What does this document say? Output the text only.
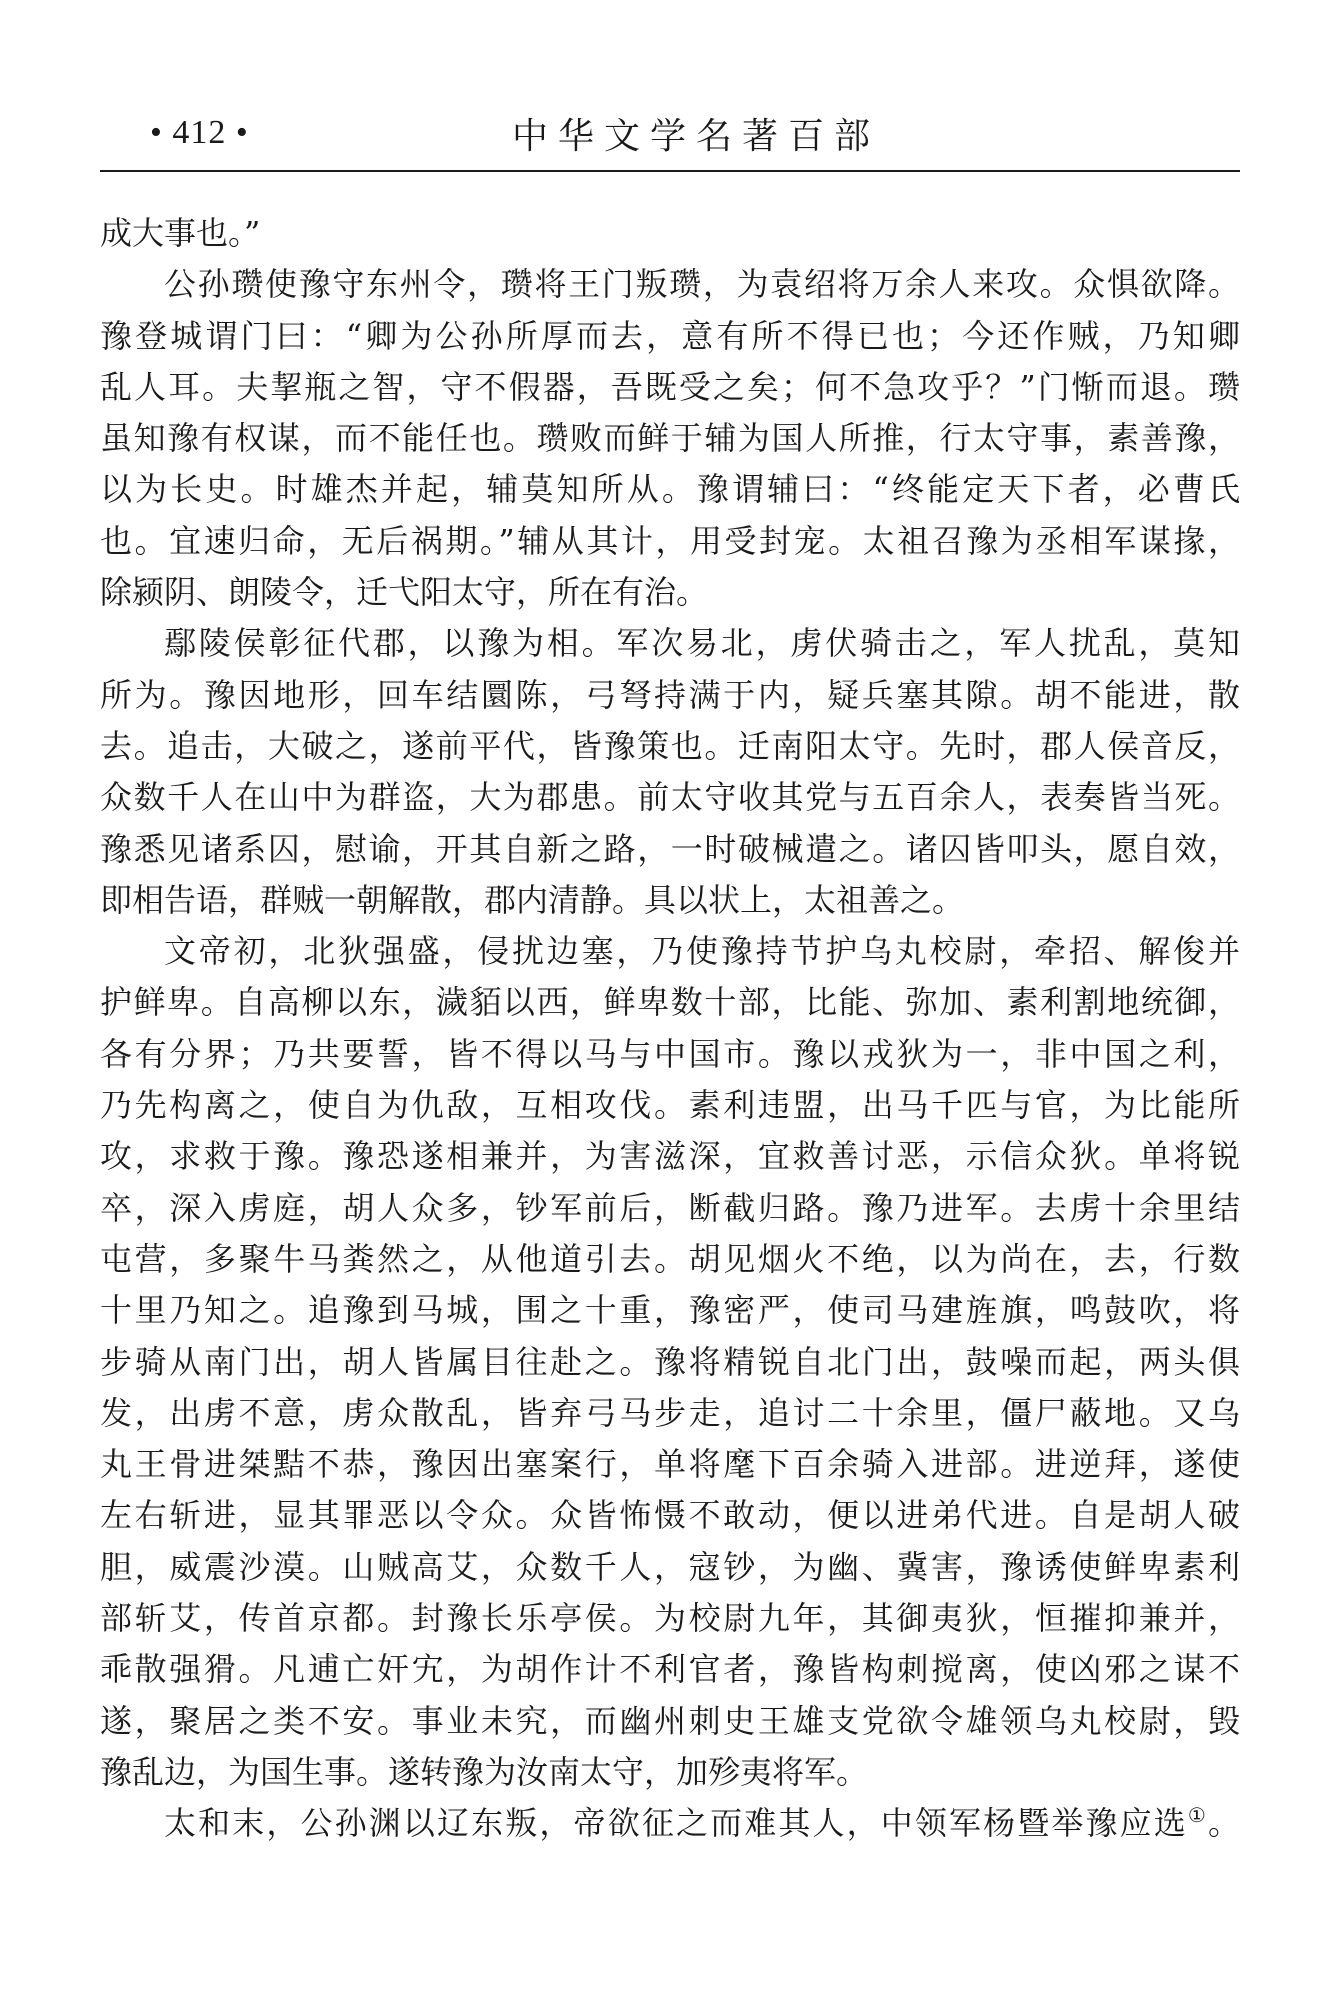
• 412 •	中华文学名著百部
成大事也。”
公孙瓒使豫守东州令，瓒将王门叛瓒，为袁绍将万余人来攻。众惧欲降。
豫登城谓门曰：“卿为公孙所厚而去，意有所不得已也；今还作贼，乃知卿
乱人耳。夫挈瓶之智，守不假器，吾既受之矣；何不急攻乎？”门惭而退。瓒
虽知豫有权谋，而不能任也。瓒败而鲜于辅为国人所推，行太守事，素善豫，
以为长史。时雄杰并起，辅莫知所从。豫谓辅曰：“终能定天下者，必曹氏
也。宜速归命，无后祸期。”辅从其计，用受封宠。太祖召豫为丞相军谋掾，
除颍阴、朗陵令，迁弋阳太守，所在有治。
鄢陵侯彰征代郡，以豫为相。军次易北，虏伏骑击之，军人扰乱，莫知
所为。豫因地形，回车结圜陈，弓弩持满于内，疑兵塞其隙。胡不能进，散
去。追击，大破之，遂前平代，皆豫策也。迁南阳太守。先时，郡人侯音反，
众数千人在山中为群盗，大为郡患。前太守收其党与五百余人，表奏皆当死。
豫悉见诸系囚，慰谕，开其自新之路，一时破械遣之。诸囚皆叩头，愿自效，
即相告语，群贼一朝解散，郡内清静。具以状上，太祖善之。
文帝初，北狄强盛，侵扰边塞，乃使豫持节护乌丸校尉，牵招、解俊并
护鲜卑。自高柳以东，濊貊以西，鲜卑数十部，比能、弥加、素利割地统御，
各有分界；乃共要誓，皆不得以马与中国市。豫以戎狄为一，非中国之利，
乃先构离之，使自为仇敌，互相攻伐。素利违盟，出马千匹与官，为比能所
攻，求救于豫。豫恐遂相兼并，为害滋深，宜救善讨恶，示信众狄。单将锐
卒，深入虏庭，胡人众多，钞军前后，断截归路。豫乃进军。去虏十余里结
屯营，多聚牛马粪然之，从他道引去。胡见烟火不绝，以为尚在，去，行数
十里乃知之。追豫到马城，围之十重，豫密严，使司马建旌旗，鸣鼓吹，将
步骑从南门出，胡人皆属目往赴之。豫将精锐自北门出，鼓噪而起，两头俱
发，出虏不意，虏众散乱，皆弃弓马步走，追讨二十余里，僵尸蔽地。又乌
丸王骨进桀黠不恭，豫因出塞案行，单将麾下百余骑入进部。进逆拜，遂使
左右斩进，显其罪恶以令众。众皆怖慑不敢动，便以进弟代进。自是胡人破
胆，威震沙漠。山贼高艾，众数千人，寇钞，为幽、冀害，豫诱使鲜卑素利
部斩艾，传首京都。封豫长乐亭侯。为校尉九年，其御夷狄，恒摧抑兼并，
乖散强猾。凡逋亡奸宄，为胡作计不利官者，豫皆构刺搅离，使凶邪之谋不
遂，聚居之类不安。事业未究，而幽州刺史王雄支党欲令雄领乌丸校尉，毁
豫乱边，为国生事。遂转豫为汝南太守，加殄夷将军。
太和末，公孙渊以辽东叛，帝欲征之而难其人，中领军杨暨举豫应选①。
